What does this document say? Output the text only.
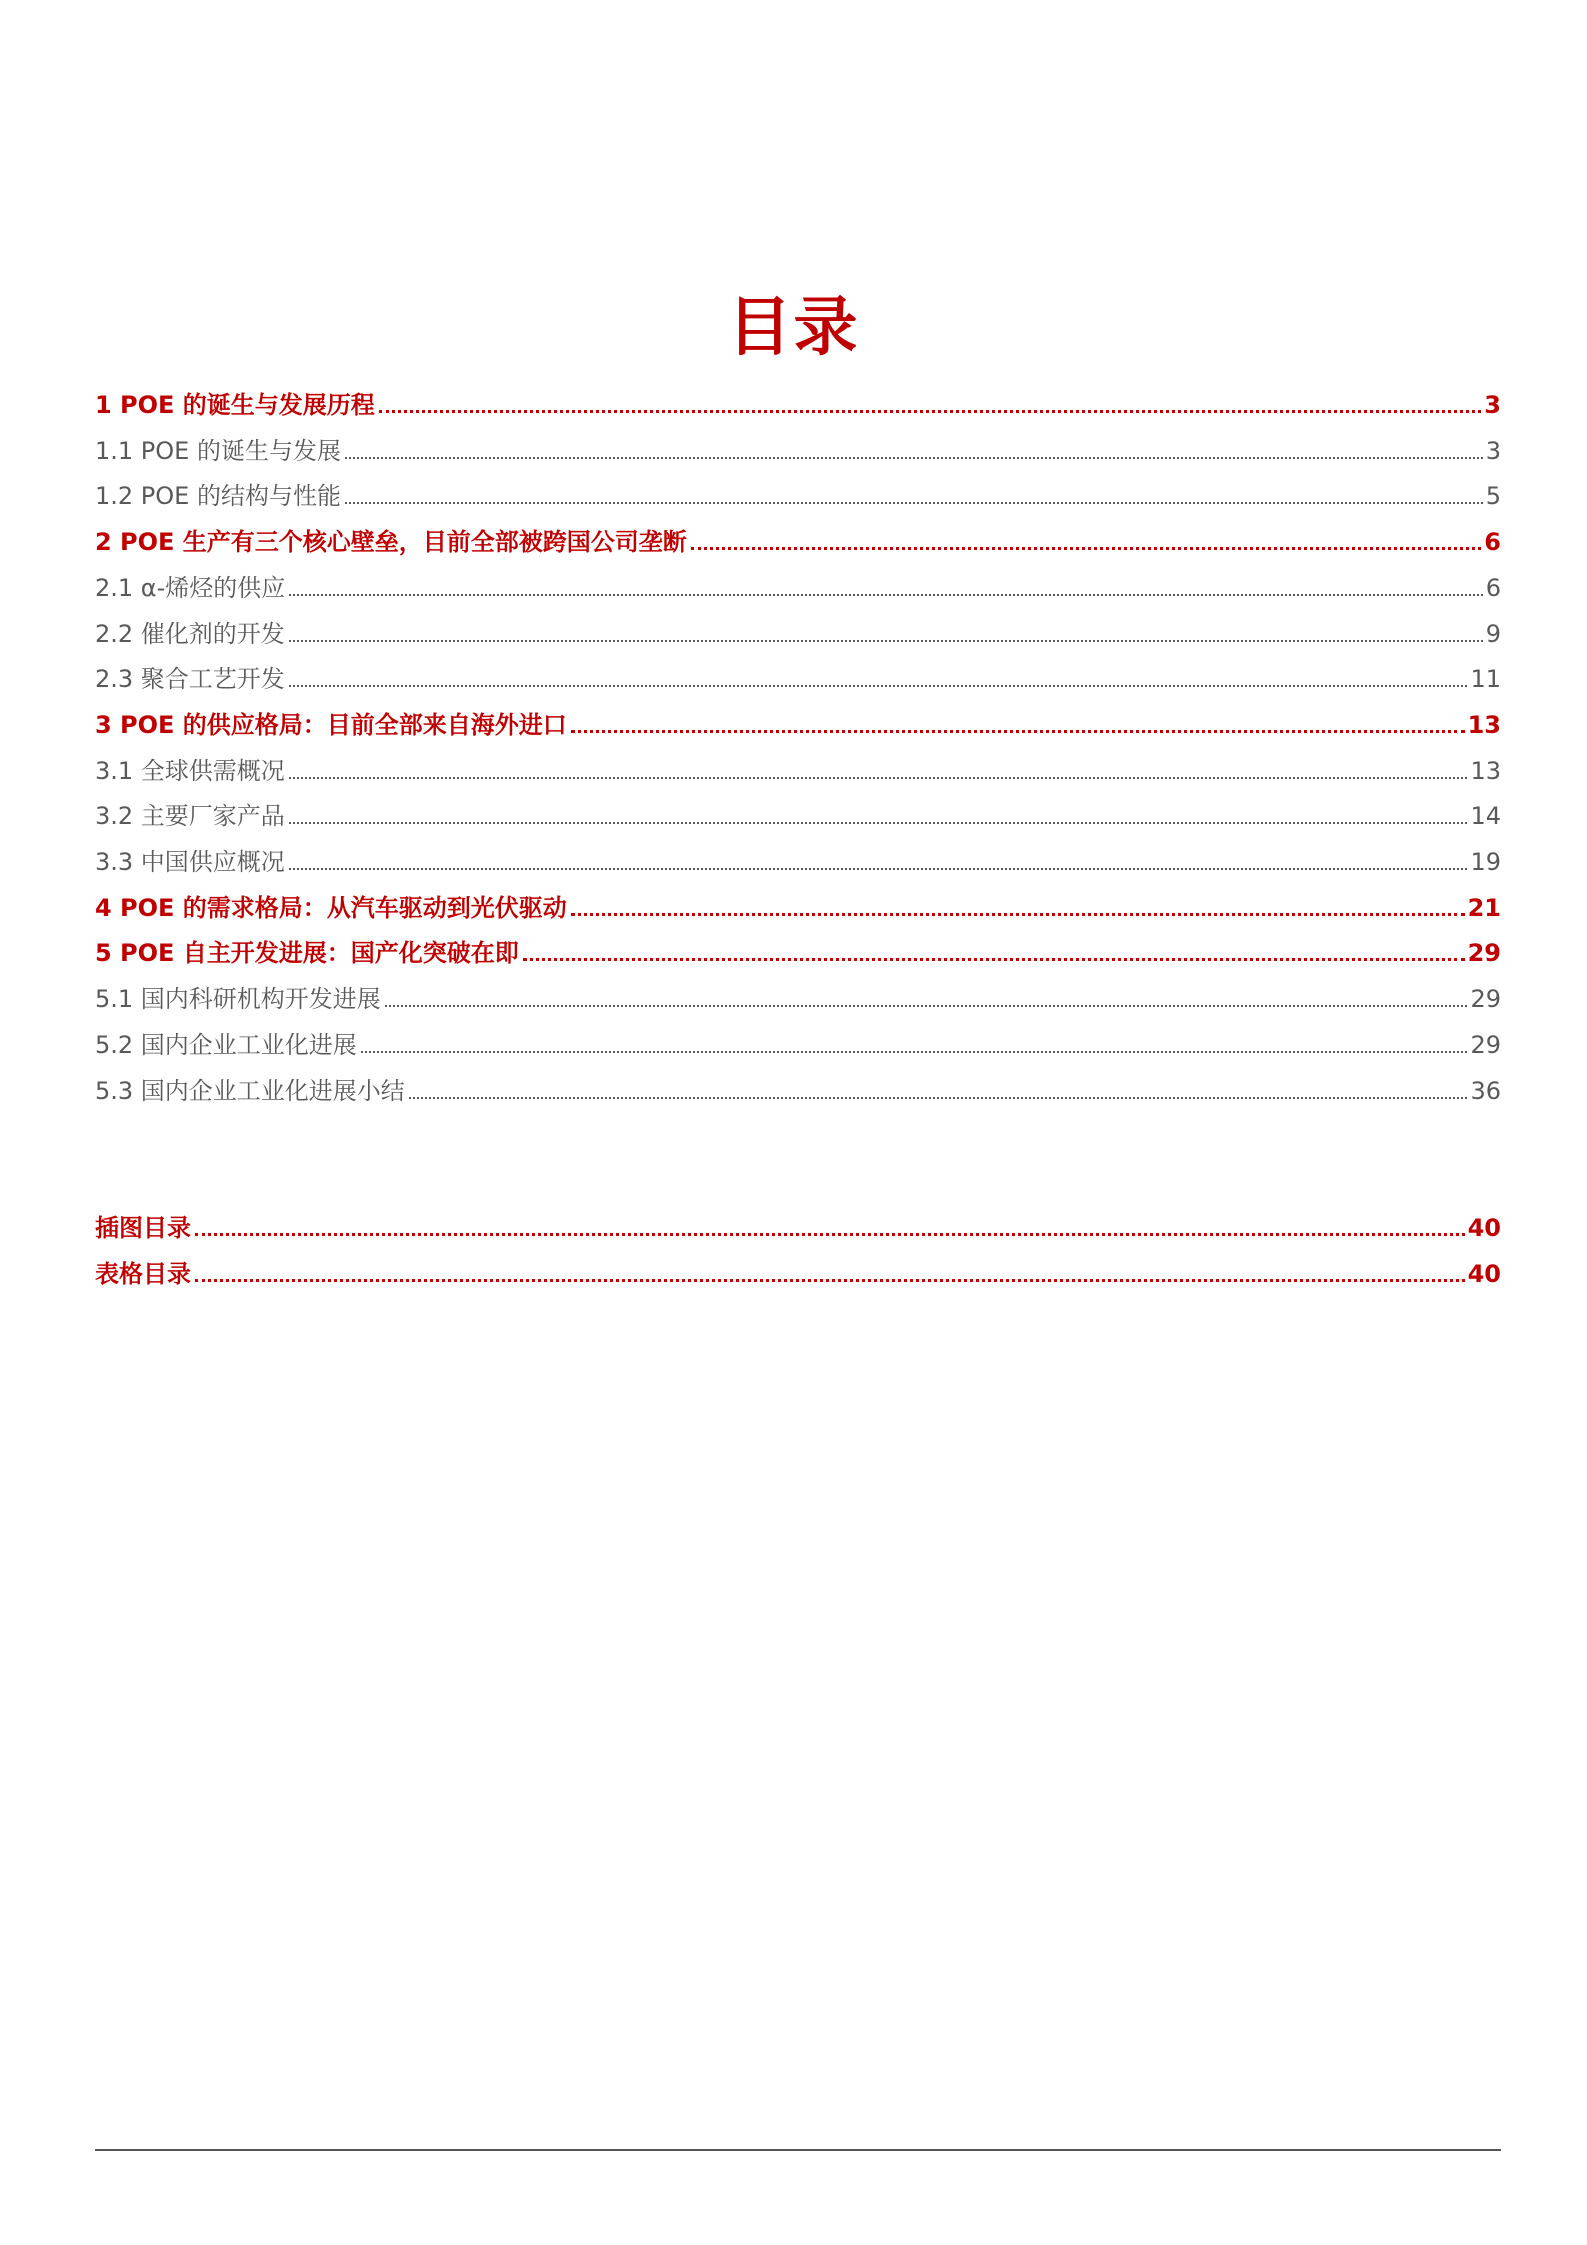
目录
1 POE 的诞生与发展历程	3
1.1 POE 的诞生与发展	3
1.2 POE 的结构与性能	5
2 POE 生产有三个核心壁垒，目前全部被跨国公司垄断	6
2.1 α-烯烃的供应	6
2.2 催化剂的开发	9
2.3 聚合工艺开发	11
3 POE 的供应格局：目前全部来自海外进口	13
3.1 全球供需概况	13
3.2 主要厂家产品	14
3.3 中国供应概况	19
4 POE 的需求格局：从汽车驱动到光伏驱动	21
5 POE 自主开发进展：国产化突破在即	29
5.1 国内科研机构开发进展	29
5.2 国内企业工业化进展	29
5.3 国内企业工业化进展小结	36
插图目录	40
表格目录	40
